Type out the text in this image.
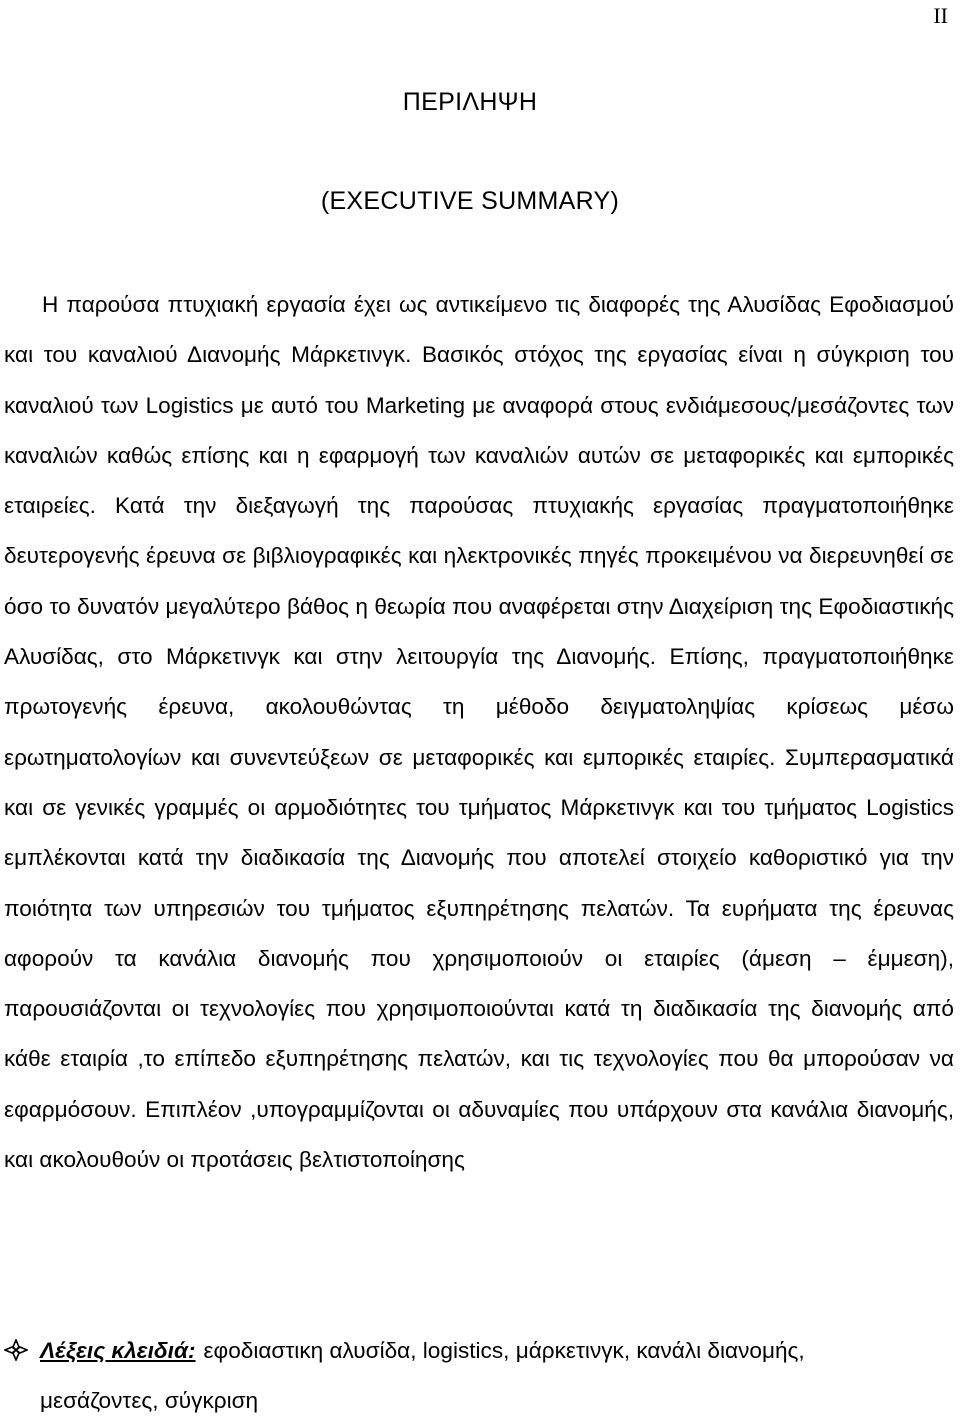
II
ΠΕΡΙΛΗΨΗ
(EXECUTIVE SUMMARY)

Η παρούσα πτυχιακή εργασία έχει ως αντικείμενο τις διαφορές της Αλυσίδας Εφοδιασμού και του καναλιού Διανομής Μάρκετινγκ. Βασικός στόχος της εργασίας είναι η σύγκριση του καναλιού των Logistics με αυτό του Marketing με αναφορά στους ενδιάμεσους/μεσάζοντες των καναλιών καθώς επίσης και η εφαρμογή των καναλιών αυτών σε μεταφορικές και εμπορικές εταιρείες. Κατά την διεξαγωγή της παρούσας πτυχιακής εργασίας πραγματοποιήθηκε δευτερογενής έρευνα σε βιβλιογραφικές και ηλεκτρονικές πηγές προκειμένου να διερευνηθεί σε όσο το δυνατόν μεγαλύτερο βάθος η θεωρία που αναφέρεται στην Διαχείριση της Εφοδιαστικής Αλυσίδας, στο Μάρκετινγκ και στην λειτουργία της Διανομής. Επίσης, πραγματοποιήθηκε πρωτογενής έρευνα, ακολουθώντας τη μέθοδο δειγματοληψίας κρίσεως μέσω ερωτηματολογίων και συνεντεύξεων σε μεταφορικές και εμπορικές εταιρίες. Συμπερασματικά και σε γενικές γραμμές οι αρμοδιότητες του τμήματος Μάρκετινγκ και του τμήματος Logistics εμπλέκονται κατά την διαδικασία της Διανομής που αποτελεί στοιχείο καθοριστικό για την ποιότητα των υπηρεσιών του τμήματος εξυπηρέτησης πελατών. Τα ευρήματα της έρευνας αφορούν τα κανάλια διανομής που χρησιμοποιούν οι εταιρίες (άμεση – έμμεση), παρουσιάζονται οι τεχνολογίες που χρησιμοποιούνται κατά τη διαδικασία της διανομής από κάθε εταιρία ,το επίπεδο εξυπηρέτησης πελατών, και τις τεχνολογίες που θα μπορούσαν να εφαρμόσουν. Επιπλέον ,υπογραμμίζονται οι αδυναμίες που υπάρχουν στα κανάλια διανομής, και ακολουθούν οι προτάσεις βελτιστοποίησης

Λέξεις κλειδιά: εφοδιαστικη αλυσίδα, logistics, μάρκετινγκ, κανάλι διανομής,
μεσάζοντες, σύγκριση
